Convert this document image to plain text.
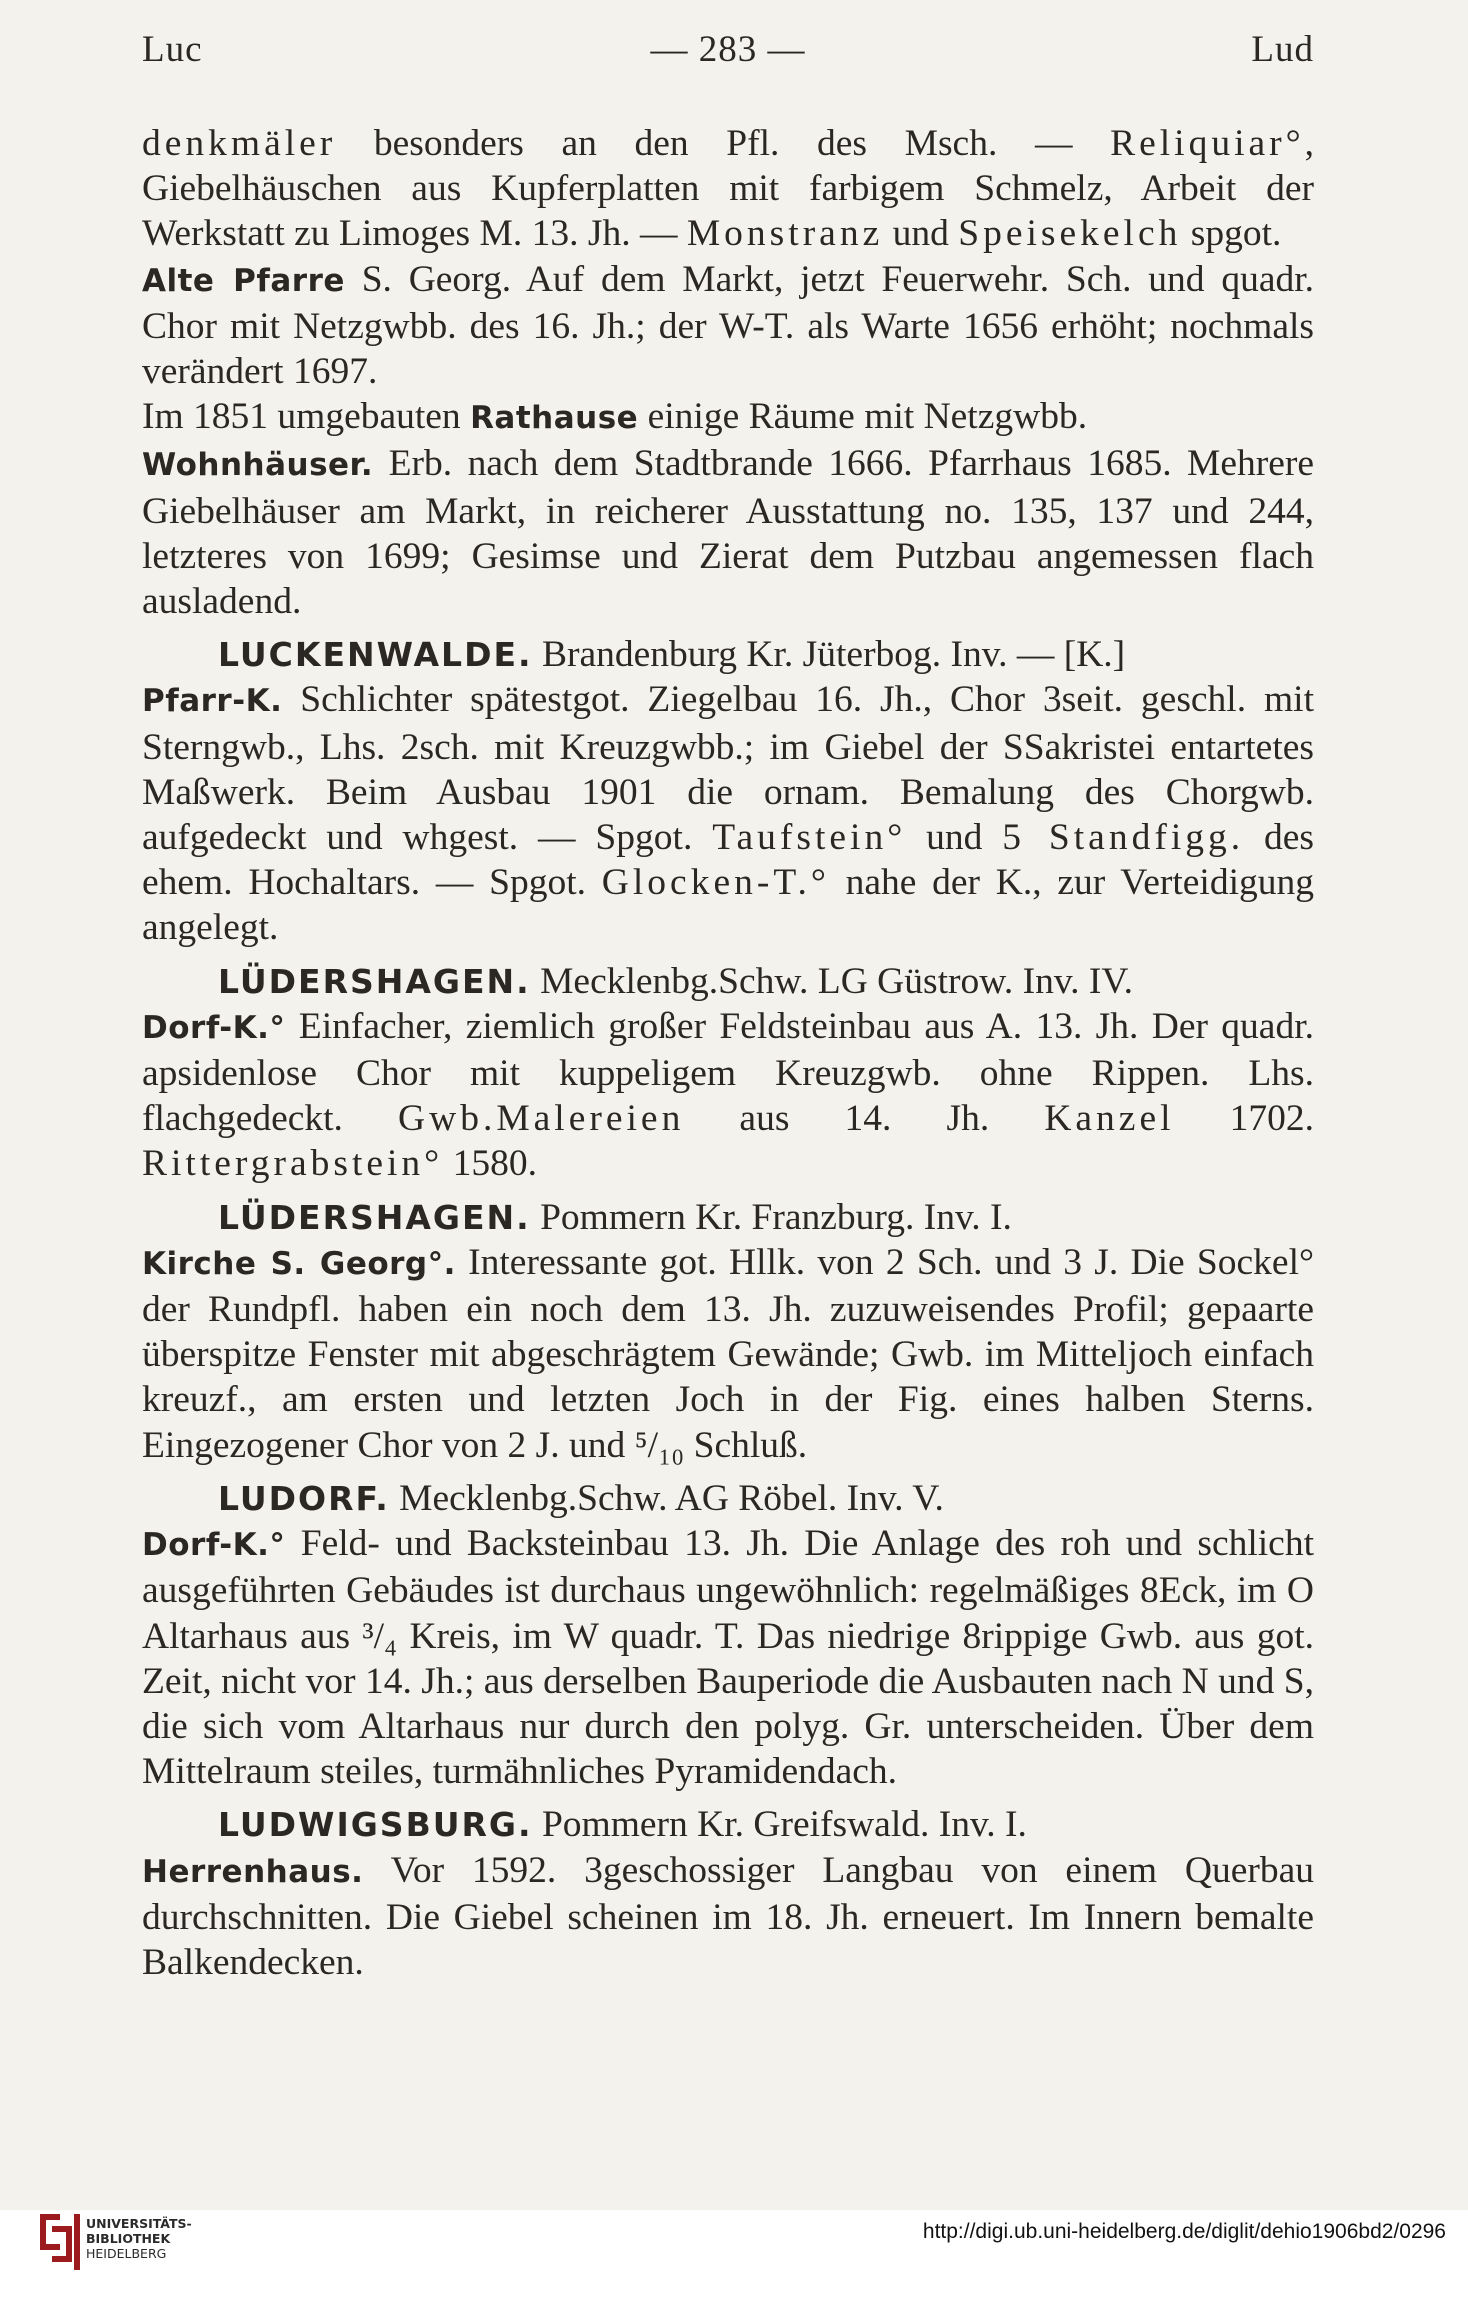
Luc	— 283 —	Lud

denkmäler besonders an den Pfl. des Msch. — Reliquiar°, Giebelhäuschen aus Kupferplatten mit farbigem Schmelz, Arbeit der Werkstatt zu Limoges M. 13. Jh. — Monstranz und Speisekelch spgot.

Alte Pfarre S. Georg. Auf dem Markt, jetzt Feuerwehr. Sch. und quadr. Chor mit Netzgwbb. des 16. Jh.; der W-T. als Warte 1656 erhöht; nochmals verändert 1697.

Im 1851 umgebauten Rathause einige Räume mit Netzgwbb.

Wohnhäuser. Erb. nach dem Stadtbrande 1666. Pfarrhaus 1685. Mehrere Giebelhäuser am Markt, in reicherer Ausstattung no. 135, 137 und 244, letzteres von 1699; Gesimse und Zierat dem Putzbau angemessen flach ausladend.

LUCKENWALDE. Brandenburg Kr. Jüterbog. Inv. — [K.]

Pfarr-K. Schlichter spätestgot. Ziegelbau 16. Jh., Chor 3seit. geschl. mit Sterngwb., Lhs. 2sch. mit Kreuzgwbb.; im Giebel der SSakristei entartetes Maßwerk. Beim Ausbau 1901 die ornam. Bemalung des Chorgwb. aufgedeckt und whgest. — Spgot. Taufstein° und 5 Standfigg. des ehem. Hochaltars. — Spgot. Glocken-T.° nahe der K., zur Verteidigung angelegt.

LÜDERSHAGEN. Mecklenbg.Schw. LG Güstrow. Inv. IV.

Dorf-K.° Einfacher, ziemlich großer Feldsteinbau aus A. 13. Jh. Der quadr. apsidenlose Chor mit kuppeligem Kreuzgwb. ohne Rippen. Lhs. flachgedeckt. Gwb.Malereien aus 14. Jh. Kanzel 1702. Rittergrabstein° 1580.

LÜDERSHAGEN. Pommern Kr. Franzburg. Inv. I.

Kirche S. Georg°. Interessante got. Hllk. von 2 Sch. und 3 J. Die Sockel° der Rundpfl. haben ein noch dem 13. Jh. zuzuweisendes Profil; gepaarte überspitze Fenster mit abgeschrägtem Gewände; Gwb. im Mitteljoch einfach kreuzf., am ersten und letzten Joch in der Fig. eines halben Sterns. Eingezogener Chor von 2 J. und ⁵/₁₀ Schluß.

LUDORF. Mecklenbg.Schw. AG Röbel. Inv. V.

Dorf-K.° Feld- und Backsteinbau 13. Jh. Die Anlage des roh und schlicht ausgeführten Gebäudes ist durchaus ungewöhnlich: regelmäßiges 8Eck, im O Altarhaus aus ³/₄ Kreis, im W quadr. T. Das niedrige 8rippige Gwb. aus got. Zeit, nicht vor 14. Jh.; aus derselben Bauperiode die Ausbauten nach N und S, die sich vom Altarhaus nur durch den polyg. Gr. unterscheiden. Über dem Mittelraum steiles, turmähnliches Pyramidendach.

LUDWIGSBURG. Pommern Kr. Greifswald. Inv. I.

Herrenhaus. Vor 1592. 3geschossiger Langbau von einem Querbau durchschnitten. Die Giebel scheinen im 18. Jh. erneuert. Im Innern bemalte Balkendecken.

UNIVERSITÄTS-
BIBLIOTHEK
HEIDELBERG
http://digi.ub.uni-heidelberg.de/diglit/dehio1906bd2/0296
